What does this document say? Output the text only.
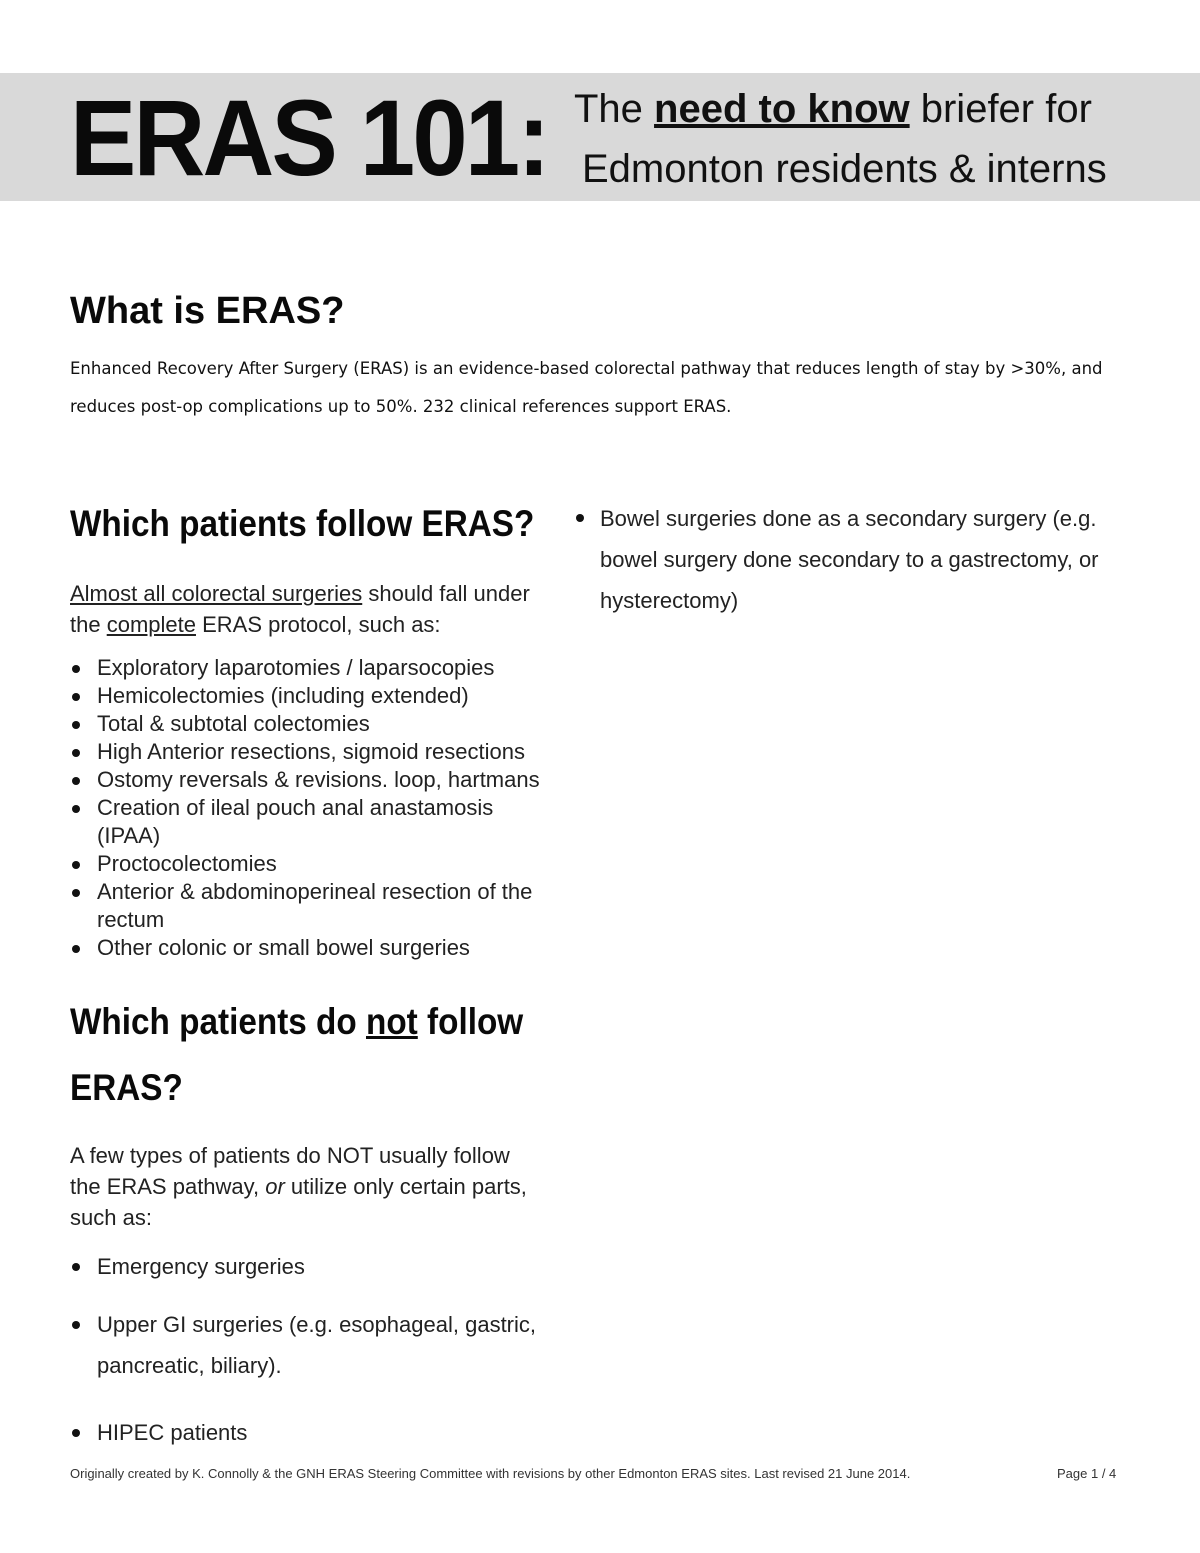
ERAS 101: The need to know briefer for
Edmonton residents & interns
What is ERAS?

Enhanced Recovery After Surgery (ERAS) is an evidence-based colorectal pathway that reduces length of stay by >30%, and reduces post-op complications up to 50%. 232 clinical references support ERAS.

Which patients follow ERAS?

Almost all colorectal surgeries should fall under the complete ERAS protocol, such as:

Exploratory laparotomies / laparsocopies
Hemicolectomies (including extended)
Total & subtotal colectomies
High Anterior resections, sigmoid resections
Ostomy reversals & revisions. loop, hartmans
Creation of ileal pouch anal anastamosis (IPAA)
Proctocolectomies
Anterior & abdominoperineal resection of the rectum
Other colonic or small bowel surgeries
Bowel surgeries done as a secondary surgery (e.g. bowel surgery done secondary to a gastrectomy, or hysterectomy)
Which patients do not follow
ERAS?

A few types of patients do NOT usually follow the ERAS pathway, or utilize only certain parts, such as:

Emergency surgeries
Upper GI surgeries (e.g. esophageal, gastric, pancreatic, biliary).
HIPEC patients
Originally created by K. Connolly & the GNH ERAS Steering Committee with revisions by other Edmonton ERAS sites. Last revised 21 June 2014.	Page 1 / 4
